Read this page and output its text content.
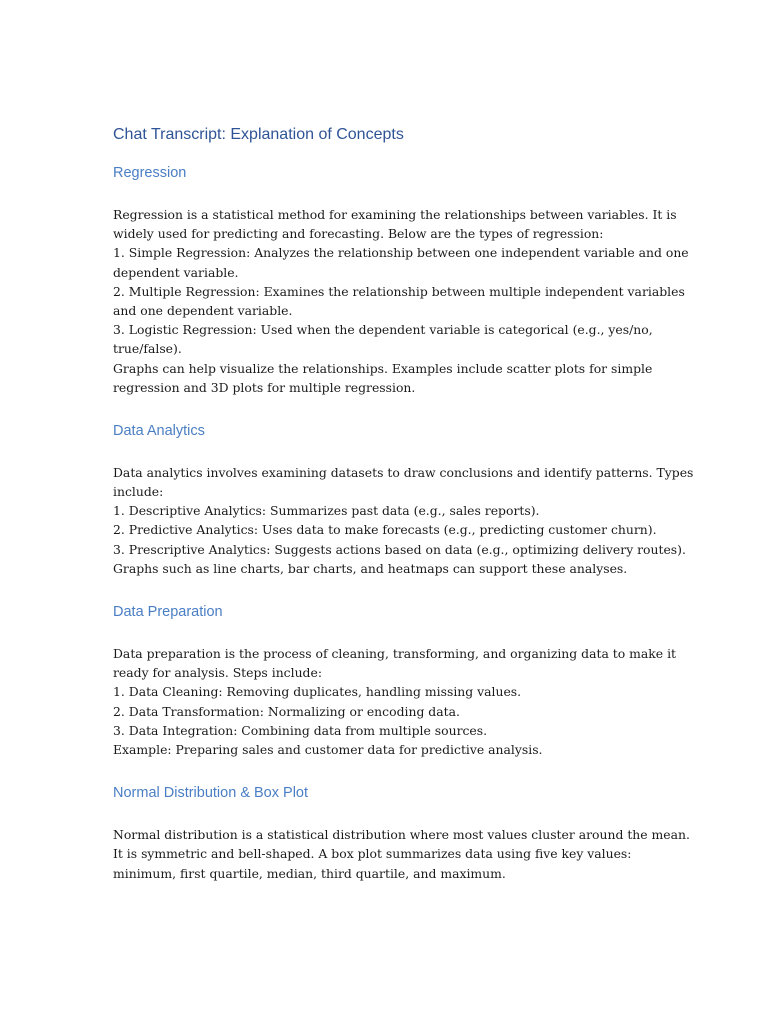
Chat Transcript: Explanation of Concepts
Regression
Regression is a statistical method for examining the relationships between variables. It is
widely used for predicting and forecasting. Below are the types of regression:
1. Simple Regression: Analyzes the relationship between one independent variable and one
dependent variable.
2. Multiple Regression: Examines the relationship between multiple independent variables
and one dependent variable.
3. Logistic Regression: Used when the dependent variable is categorical (e.g., yes/no,
true/false).
Graphs can help visualize the relationships. Examples include scatter plots for simple
regression and 3D plots for multiple regression.
Data Analytics
Data analytics involves examining datasets to draw conclusions and identify patterns. Types
include:
1. Descriptive Analytics: Summarizes past data (e.g., sales reports).
2. Predictive Analytics: Uses data to make forecasts (e.g., predicting customer churn).
3. Prescriptive Analytics: Suggests actions based on data (e.g., optimizing delivery routes).
Graphs such as line charts, bar charts, and heatmaps can support these analyses.
Data Preparation
Data preparation is the process of cleaning, transforming, and organizing data to make it
ready for analysis. Steps include:
1. Data Cleaning: Removing duplicates, handling missing values.
2. Data Transformation: Normalizing or encoding data.
3. Data Integration: Combining data from multiple sources.
Example: Preparing sales and customer data for predictive analysis.
Normal Distribution & Box Plot
Normal distribution is a statistical distribution where most values cluster around the mean.
It is symmetric and bell-shaped. A box plot summarizes data using five key values:
minimum, first quartile, median, third quartile, and maximum.
